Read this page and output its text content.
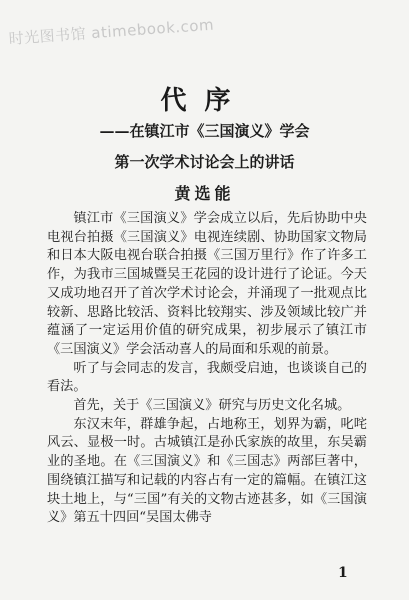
时光图书馆 atimebook.com
代序
——在镇江市《三国演义》学会
第一次学术讨论会上的讲话
黄选能

镇江市《三国演义》学会成立以后，先后协助中央电视台拍摄《三国演义》电视连续剧、协助国家文物局和日本大阪电视台联合拍摄《三国万里行》作了许多工作，为我市三国城暨吴王花园的设计进行了论证。今天又成功地召开了首次学术讨论会，并涌现了一批观点比较新、思路比较活、资料比较翔实、涉及领域比较广并蕴涵了一定运用价值的研究成果，初步展示了镇江市《三国演义》学会活动喜人的局面和乐观的前景。

听了与会同志的发言，我颇受启迪，也谈谈自己的看法。

首先，关于《三国演义》研究与历史文化名城。

东汉末年，群雄争起，占地称王，划界为霸，叱咤风云、显极一时。古城镇江是孙氏家族的故里，东吴霸业的圣地。在《三国演义》和《三国志》两部巨著中，围绕镇江描写和记载的内容占有一定的篇幅。在镇江这块土地上，与“三国”有关的文物古迹甚多，如《三国演义》第五十四回“吴国太佛寺

1
